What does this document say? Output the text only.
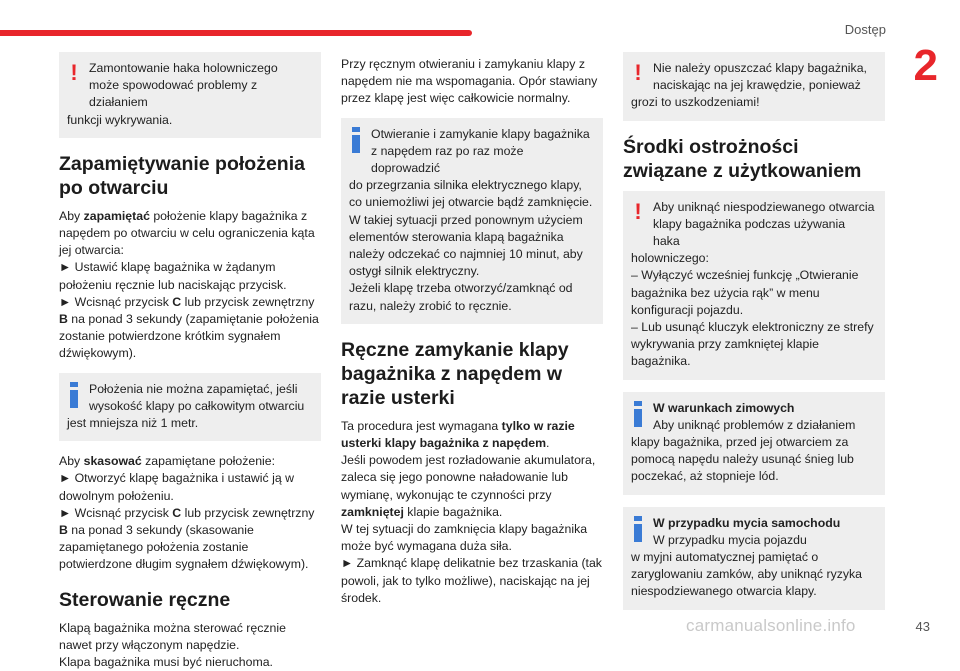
Dostęp
2
! Zamontowanie haka holowniczego może spowodować problemy z działaniem
funkcji wykrywania.
Zapamiętywanie położenia po otwarciu

Aby zapamiętać położenie klapy bagażnika z napędem po otwarciu w celu ograniczenia kąta jej otwarcia:

► Ustawić klapę bagażnika w żądanym położeniu ręcznie lub naciskając przycisk.

► Wcisnąć przycisk C lub przycisk zewnętrzny B na ponad 3 sekundy (zapamiętanie położenia zostanie potwierdzone krótkim sygnałem dźwiękowym).

Położenia nie można zapamiętać, jeśli wysokość klapy po całkowitym otwarciu
jest mniejsza niż 1 metr.

Aby skasować zapamiętane położenie:

► Otworzyć klapę bagażnika i ustawić ją w dowolnym położeniu.

► Wcisnąć przycisk C lub przycisk zewnętrzny B na ponad 3 sekundy (skasowanie zapamiętanego położenia zostanie potwierdzone długim sygnałem dźwiękowym).

Sterowanie ręczne

Klapą bagażnika można sterować ręcznie nawet przy włączonym napędzie.

Klapa bagażnika musi być nieruchoma.

Przy ręcznym otwieraniu i zamykaniu klapy z napędem nie ma wspomagania. Opór stawiany przez klapę jest więc całkowicie normalny.

Otwieranie i zamykanie klapy bagażnika z napędem raz po raz może doprowadzić
do przegrzania silnika elektrycznego klapy, co uniemożliwi jej otwarcie bądź zamknięcie.
W takiej sytuacji przed ponownym użyciem elementów sterowania klapą bagażnika należy odczekać co najmniej 10 minut, aby ostygł silnik elektryczny.
Jeżeli klapę trzeba otworzyć/zamknąć od razu, należy zrobić to ręcznie.
Ręczne zamykanie klapy bagażnika z napędem w razie usterki

Ta procedura jest wymagana tylko w razie usterki klapy bagażnika z napędem.

Jeśli powodem jest rozładowanie akumulatora, zaleca się jego ponowne naładowanie lub wymianę, wykonując te czynności przy zamkniętej klapie bagażnika.

W tej sytuacji do zamknięcia klapy bagażnika może być wymagana duża siła.

► Zamknąć klapę delikatnie bez trzaskania (tak powoli, jak to tylko możliwe), naciskając na jej środek.

! Nie należy opuszczać klapy bagażnika, naciskając na jej krawędzie, ponieważ
grozi to uszkodzeniami!
Środki ostrożności związane z użytkowaniem
! Aby uniknąć niespodziewanego otwarcia klapy bagażnika podczas używania haka
holowniczego:
– Wyłączyć wcześniej funkcję „Otwieranie bagażnika bez użycia rąk” w menu konfiguracji pojazdu.
– Lub usunąć kluczyk elektroniczny ze strefy wykrywania przy zamkniętej klapie bagażnika.
W warunkach zimowych
Aby uniknąć problemów z działaniem
klapy bagażnika, przed jej otwarciem za pomocą napędu należy usunąć śnieg lub poczekać, aż stopnieje lód.
W przypadku mycia samochodu
W przypadku mycia pojazdu
w myjni automatycznej pamiętać o zaryglowaniu zamków, aby uniknąć ryzyka niespodziewanego otwarcia klapy.
carmanualsonline.info	43
